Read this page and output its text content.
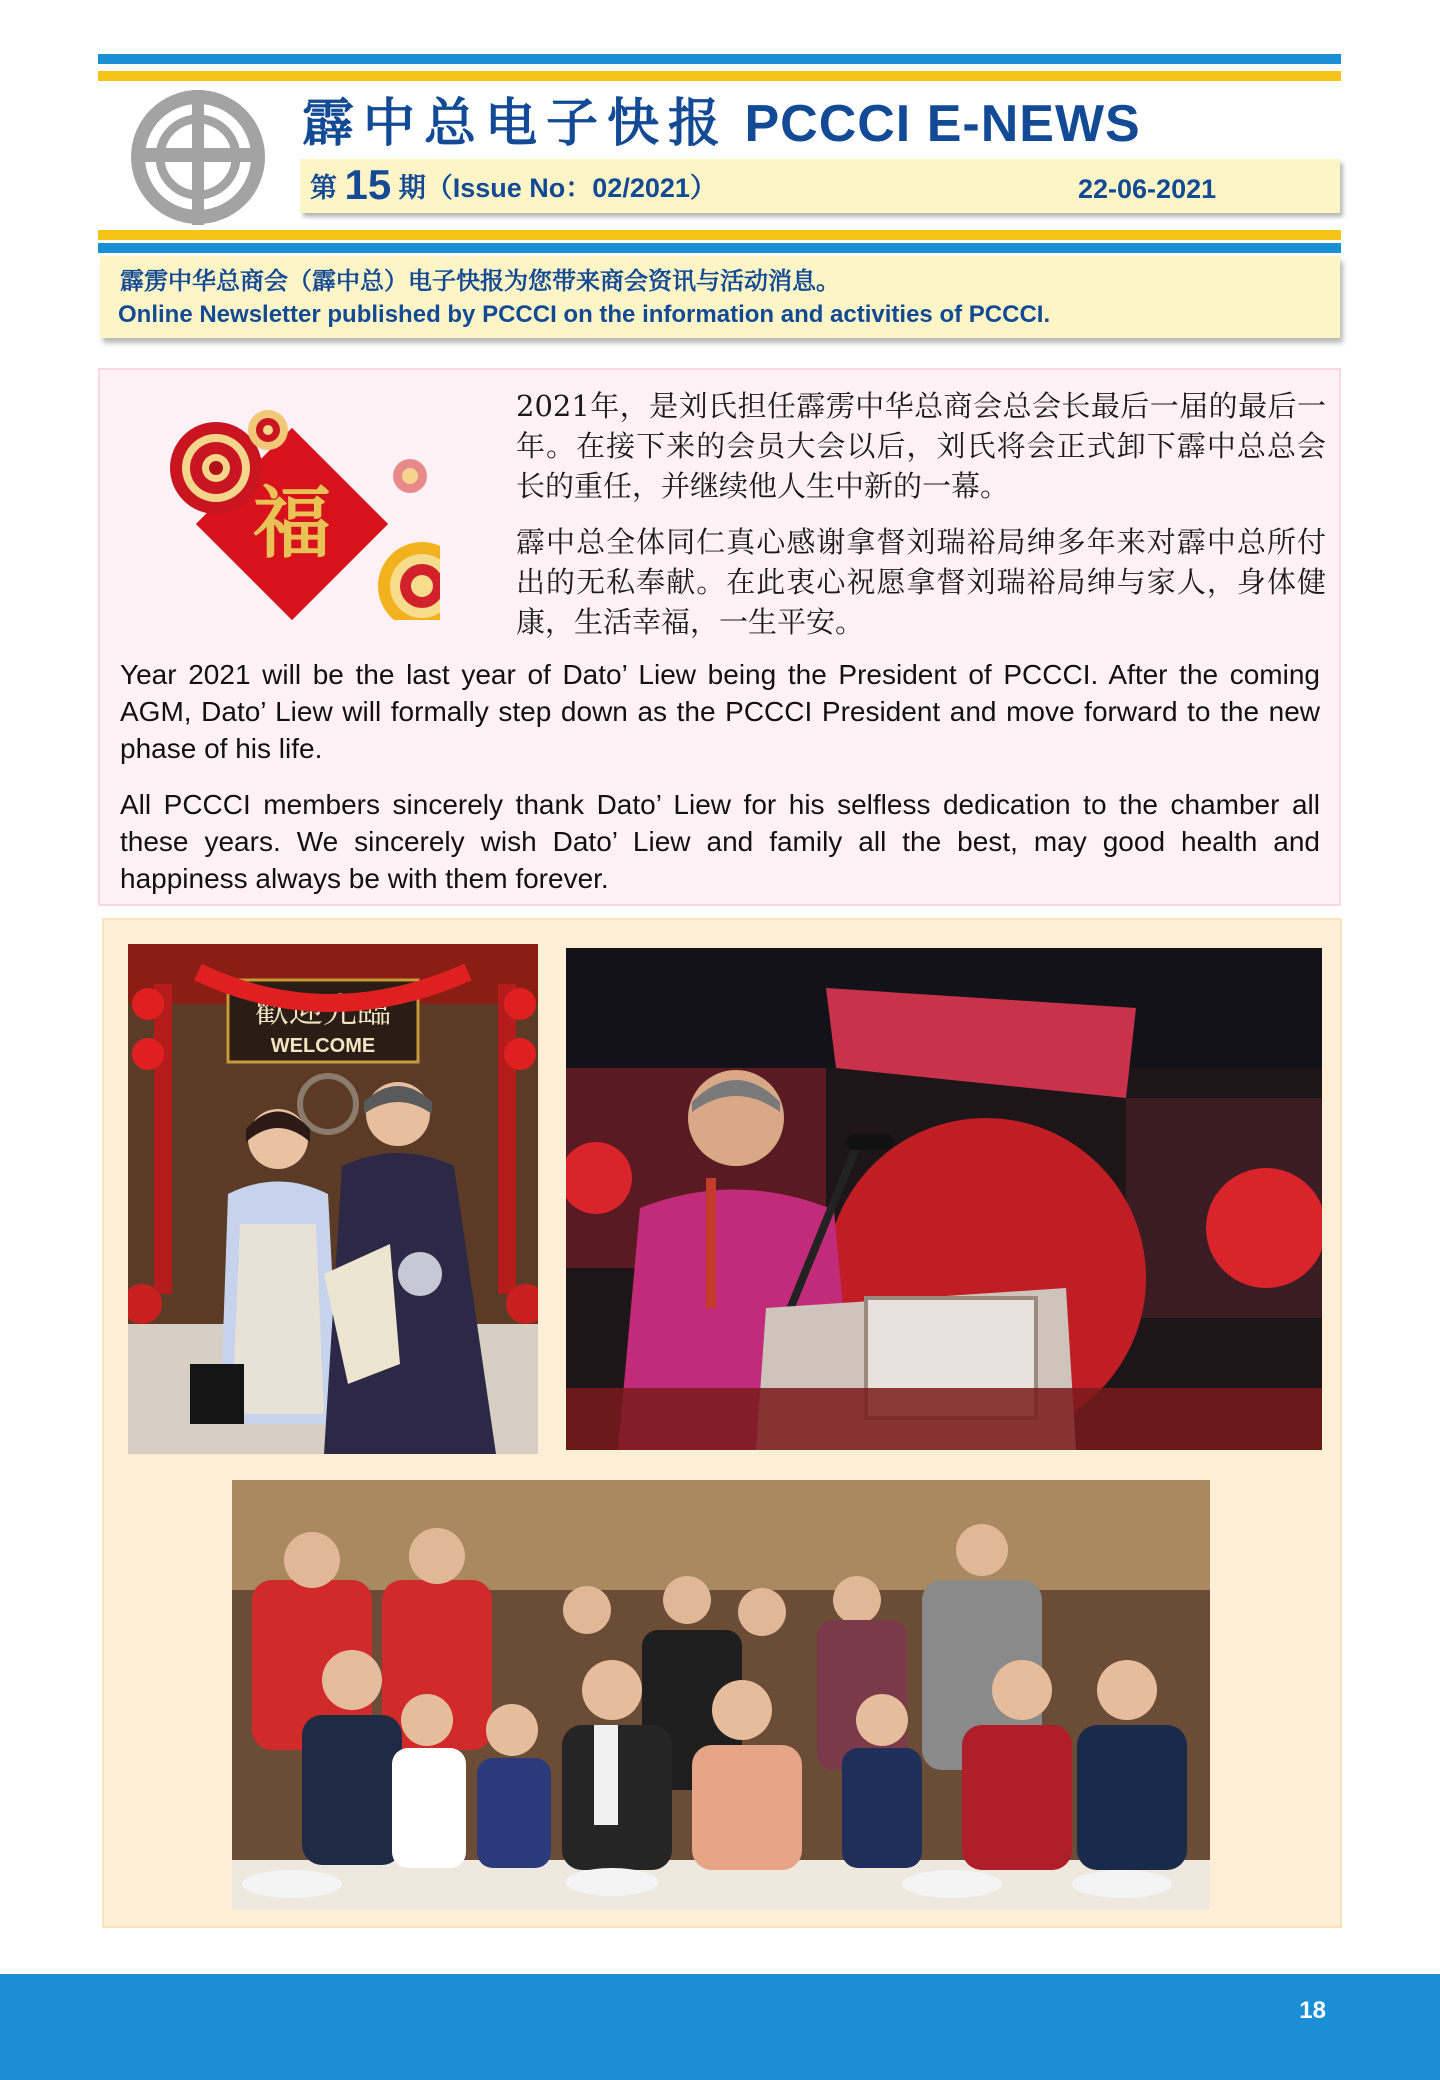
霹中总电子快报 PCCCI E-NEWS
第 15 期（Issue No：02/2021）	22-06-2021
霹雳中华总商会（霹中总）电子快报为您带来商会资讯与活动消息。
Online Newsletter published by PCCCI on the information and activities of PCCCI.
福
2021年，是刘氏担任霹雳中华总商会总会长最后一届的最后一年。在接下来的会员大会以后，刘氏将会正式卸下霹中总总会长的重任，并继续他人生中新的一幕。
霹中总全体同仁真心感谢拿督刘瑞裕局绅多年来对霹中总所付出的无私奉献。在此衷心祝愿拿督刘瑞裕局绅与家人，身体健康，生活幸福，一生平安。
Year 2021 will be the last year of Dato’ Liew being the President of PCCCI. After the coming AGM, Dato’ Liew will formally step down as the PCCCI President and move forward to the new phase of his life.
All PCCCI members sincerely thank Dato’ Liew for his selfless dedication to the chamber all these years. We sincerely wish Dato’ Liew and family all the best, may good health and happiness always be with them forever.
歡迎光臨
WELCOME
18
